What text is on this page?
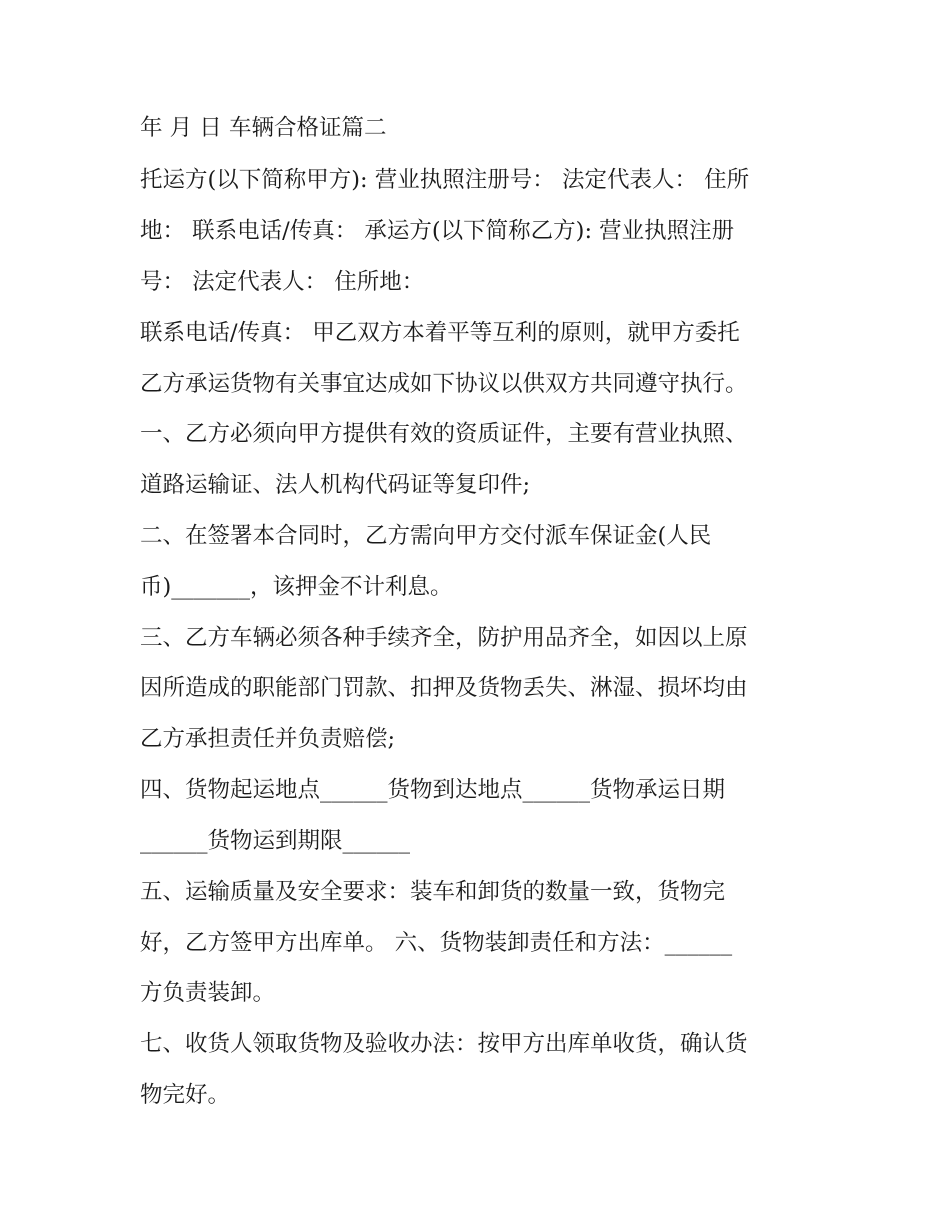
年 月 日 车辆合格证篇二
托运方(以下简称甲方): 营业执照注册号： 法定代表人： 住所
地： 联系电话/传真： 承运方(以下简称乙方): 营业执照注册
号： 法定代表人： 住所地：
联系电话/传真： 甲乙双方本着平等互利的原则，就甲方委托
乙方承运货物有关事宜达成如下协议以供双方共同遵守执行。
一、乙方必须向甲方提供有效的资质证件，主要有营业执照、
道路运输证、法人机构代码证等复印件;
二、在签署本合同时，乙方需向甲方交付派车保证金(人民
币)_______，该押金不计利息。
三、乙方车辆必须各种手续齐全，防护用品齐全，如因以上原
因所造成的职能部门罚款、扣押及货物丢失、淋湿、损坏均由
乙方承担责任并负责赔偿;
四、货物起运地点______货物到达地点______货物承运日期
______货物运到期限______
五、运输质量及安全要求：装车和卸货的数量一致，货物完
好，乙方签甲方出库单。 六、货物装卸责任和方法：______
方负责装卸。
七、收货人领取货物及验收办法：按甲方出库单收货，确认货
物完好。
